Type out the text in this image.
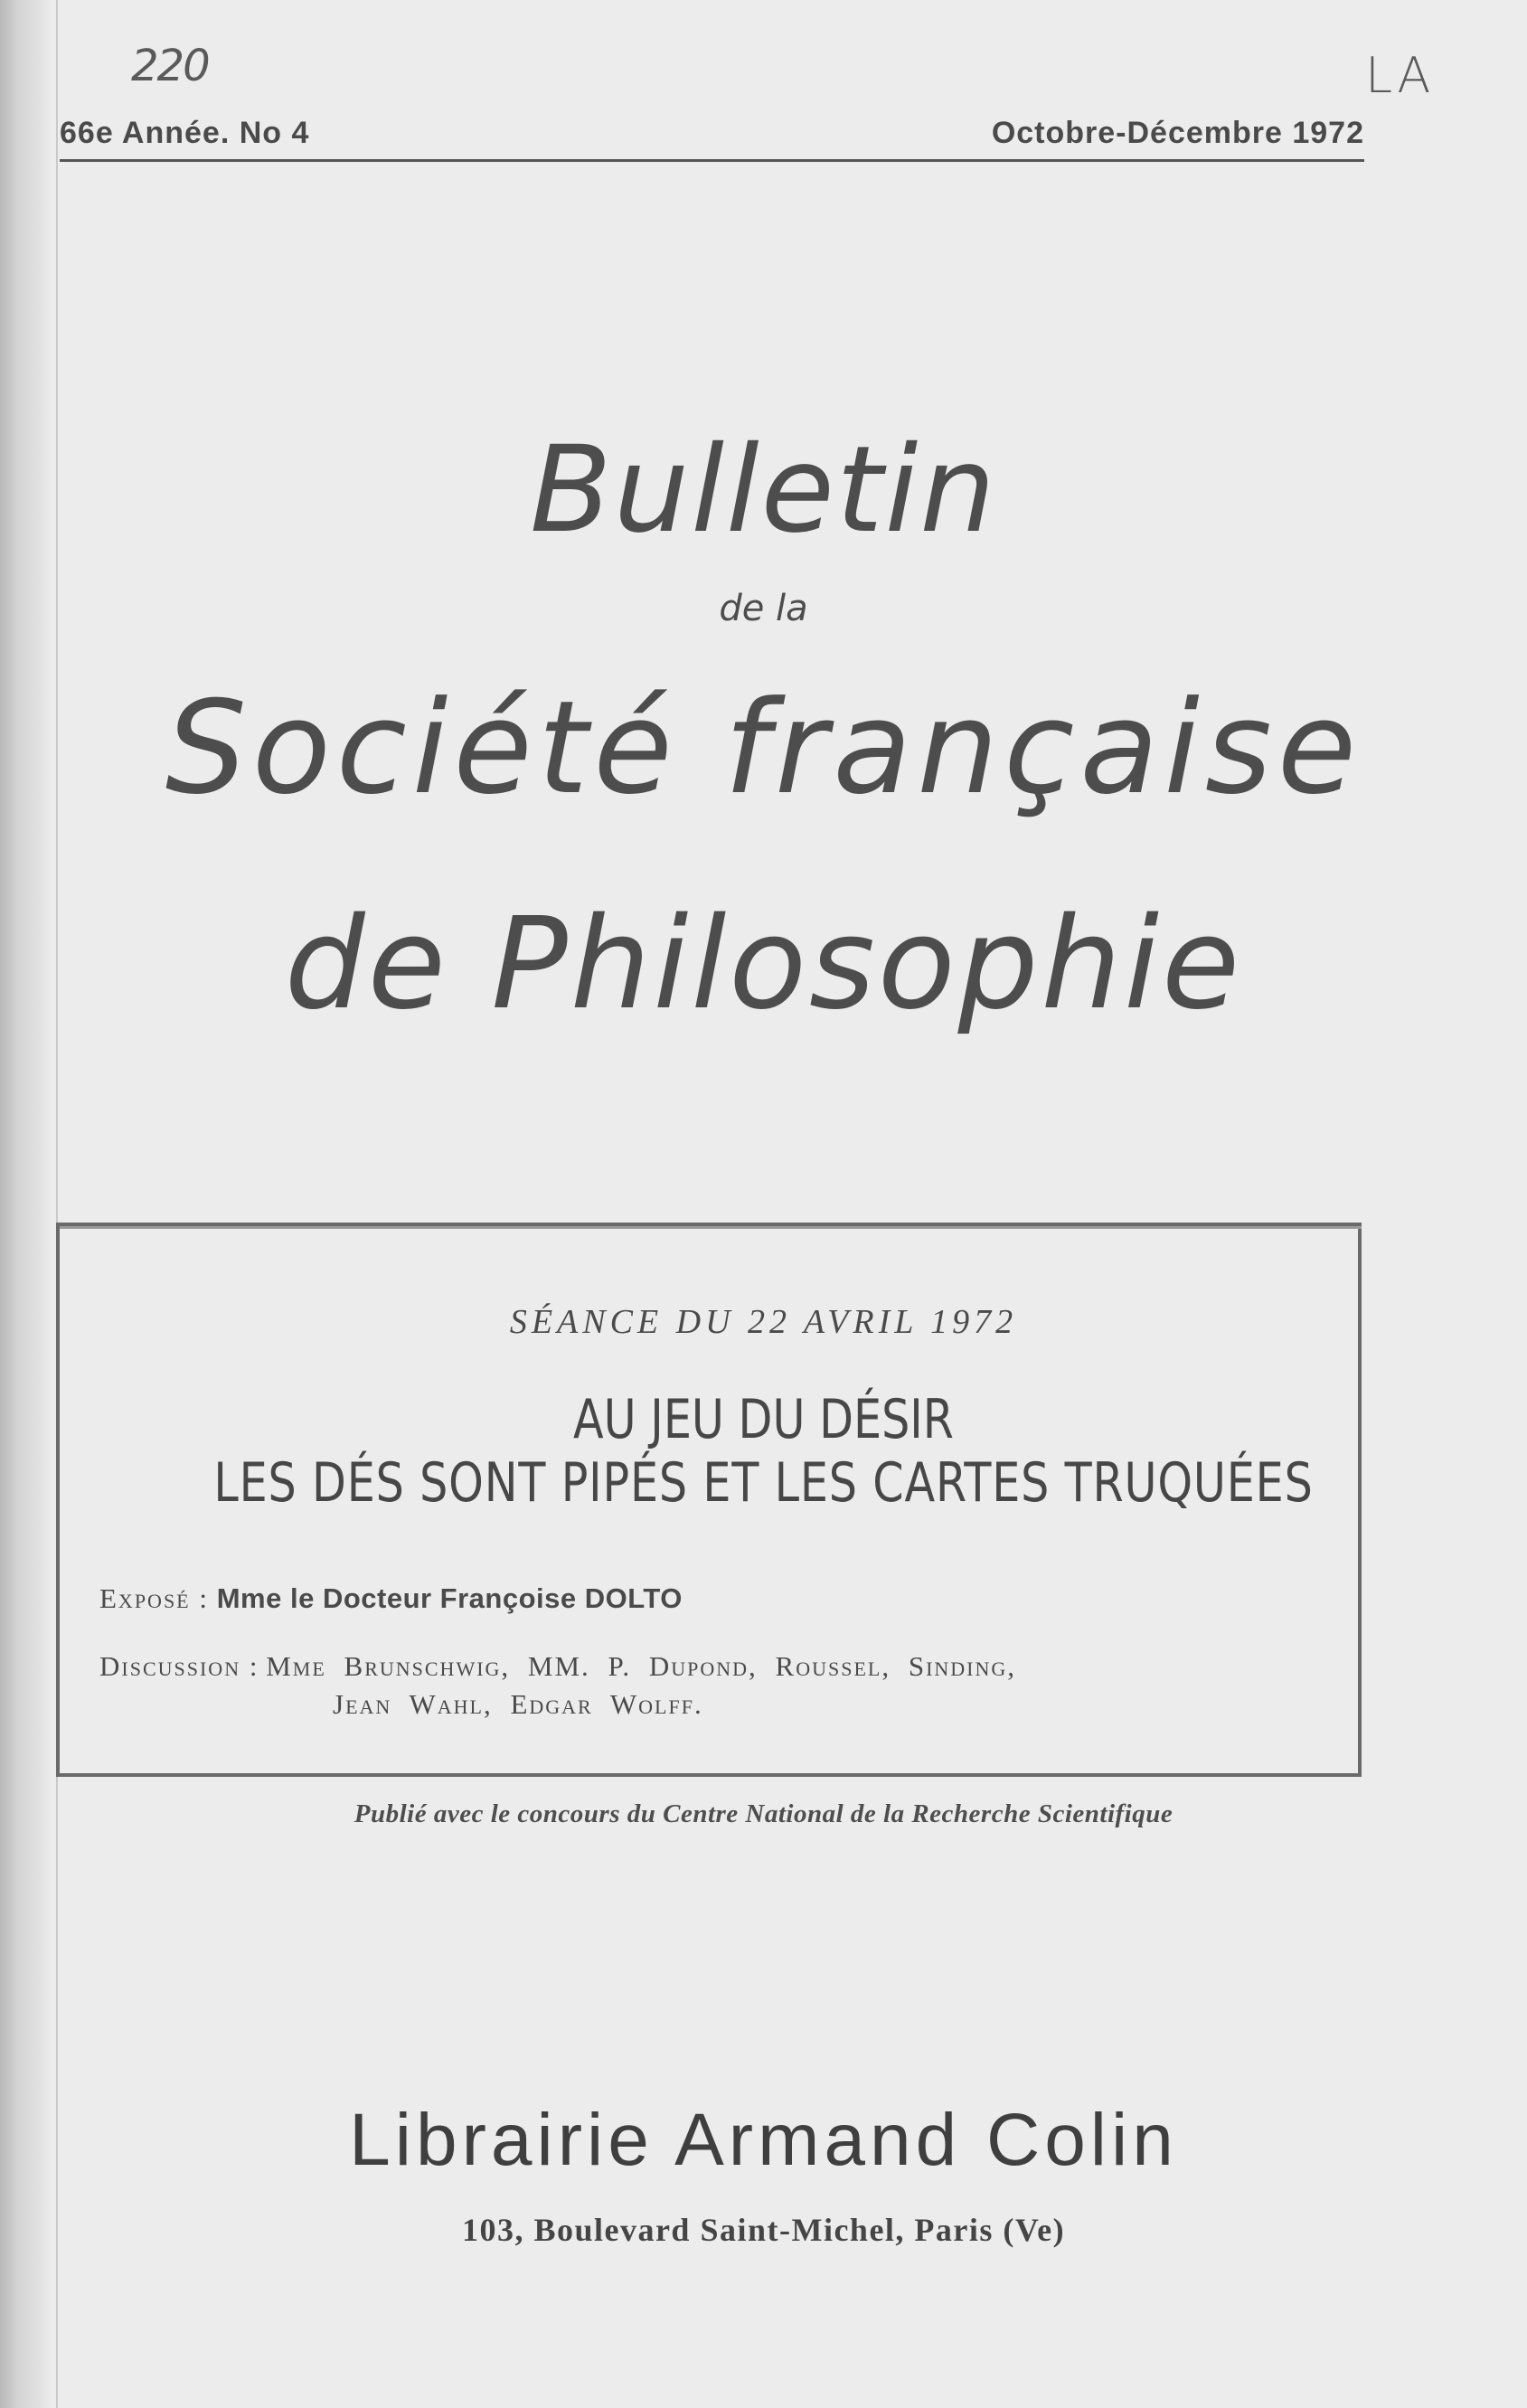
220	LA
66e Année. No 4	Octobre-Décembre 1972
Bulletin
de la
Société française
de Philosophie
SÉANCE DU 22 AVRIL 1972
AU JEU DU DÉSIR
LES DÉS SONT PIPÉS ET LES CARTES TRUQUÉES
Exposé : Mme le Docteur Françoise DOLTO
Discussion : Mme Brunschwig, MM. P. Dupond, Roussel, Sinding,
Jean Wahl, Edgar Wolff.
Publié avec le concours du Centre National de la Recherche Scientifique
Librairie Armand Colin
103, Boulevard Saint-Michel, Paris (Ve)
